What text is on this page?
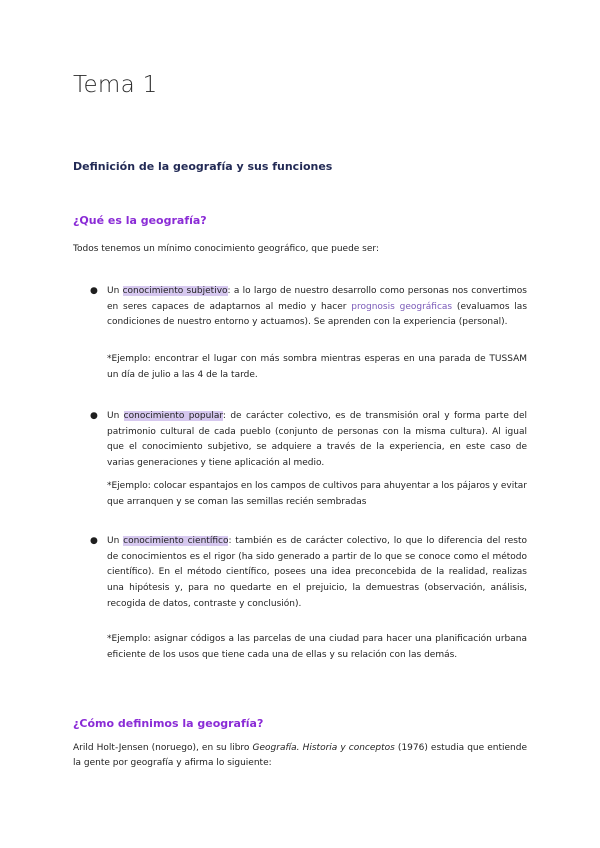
Tema 1
Definición de la geografía y sus funciones
¿Qué es la geografía?

Todos tenemos un mínimo conocimiento geográfico, que puede ser:

● Un conocimiento subjetivo: a lo largo de nuestro desarrollo como personas nos convertimos en seres capaces de adaptarnos al medio y hacer prognosis geográficas (evaluamos las condiciones de nuestro entorno y actuamos). Se aprenden con la experiencia (personal).

*Ejemplo: encontrar el lugar con más sombra mientras esperas en una parada de TUSSAM un día de julio a las 4 de la tarde.

● Un conocimiento popular: de carácter colectivo, es de transmisión oral y forma parte del patrimonio cultural de cada pueblo (conjunto de personas con la misma cultura). Al igual que el conocimiento subjetivo, se adquiere a través de la experiencia, en este caso de varias generaciones y tiene aplicación al medio.

*Ejemplo: colocar espantajos en los campos de cultivos para ahuyentar a los pájaros y evitar que arranquen y se coman las semillas recién sembradas

● Un conocimiento científico: también es de carácter colectivo, lo que lo diferencia del resto de conocimientos es el rigor (ha sido generado a partir de lo que se conoce como el método científico). En el método científico, posees una idea preconcebida de la realidad, realizas una hipótesis y, para no quedarte en el prejuicio, la demuestras (observación, análisis, recogida de datos, contraste y conclusión).

*Ejemplo: asignar códigos a las parcelas de una ciudad para hacer una planificación urbana eficiente de los usos que tiene cada una de ellas y su relación con las demás.

¿Cómo definimos la geografía?

Arild Holt-Jensen (noruego), en su libro Geografía. Historia y conceptos (1976) estudia que entiende la gente por geografía y afirma lo siguiente:
